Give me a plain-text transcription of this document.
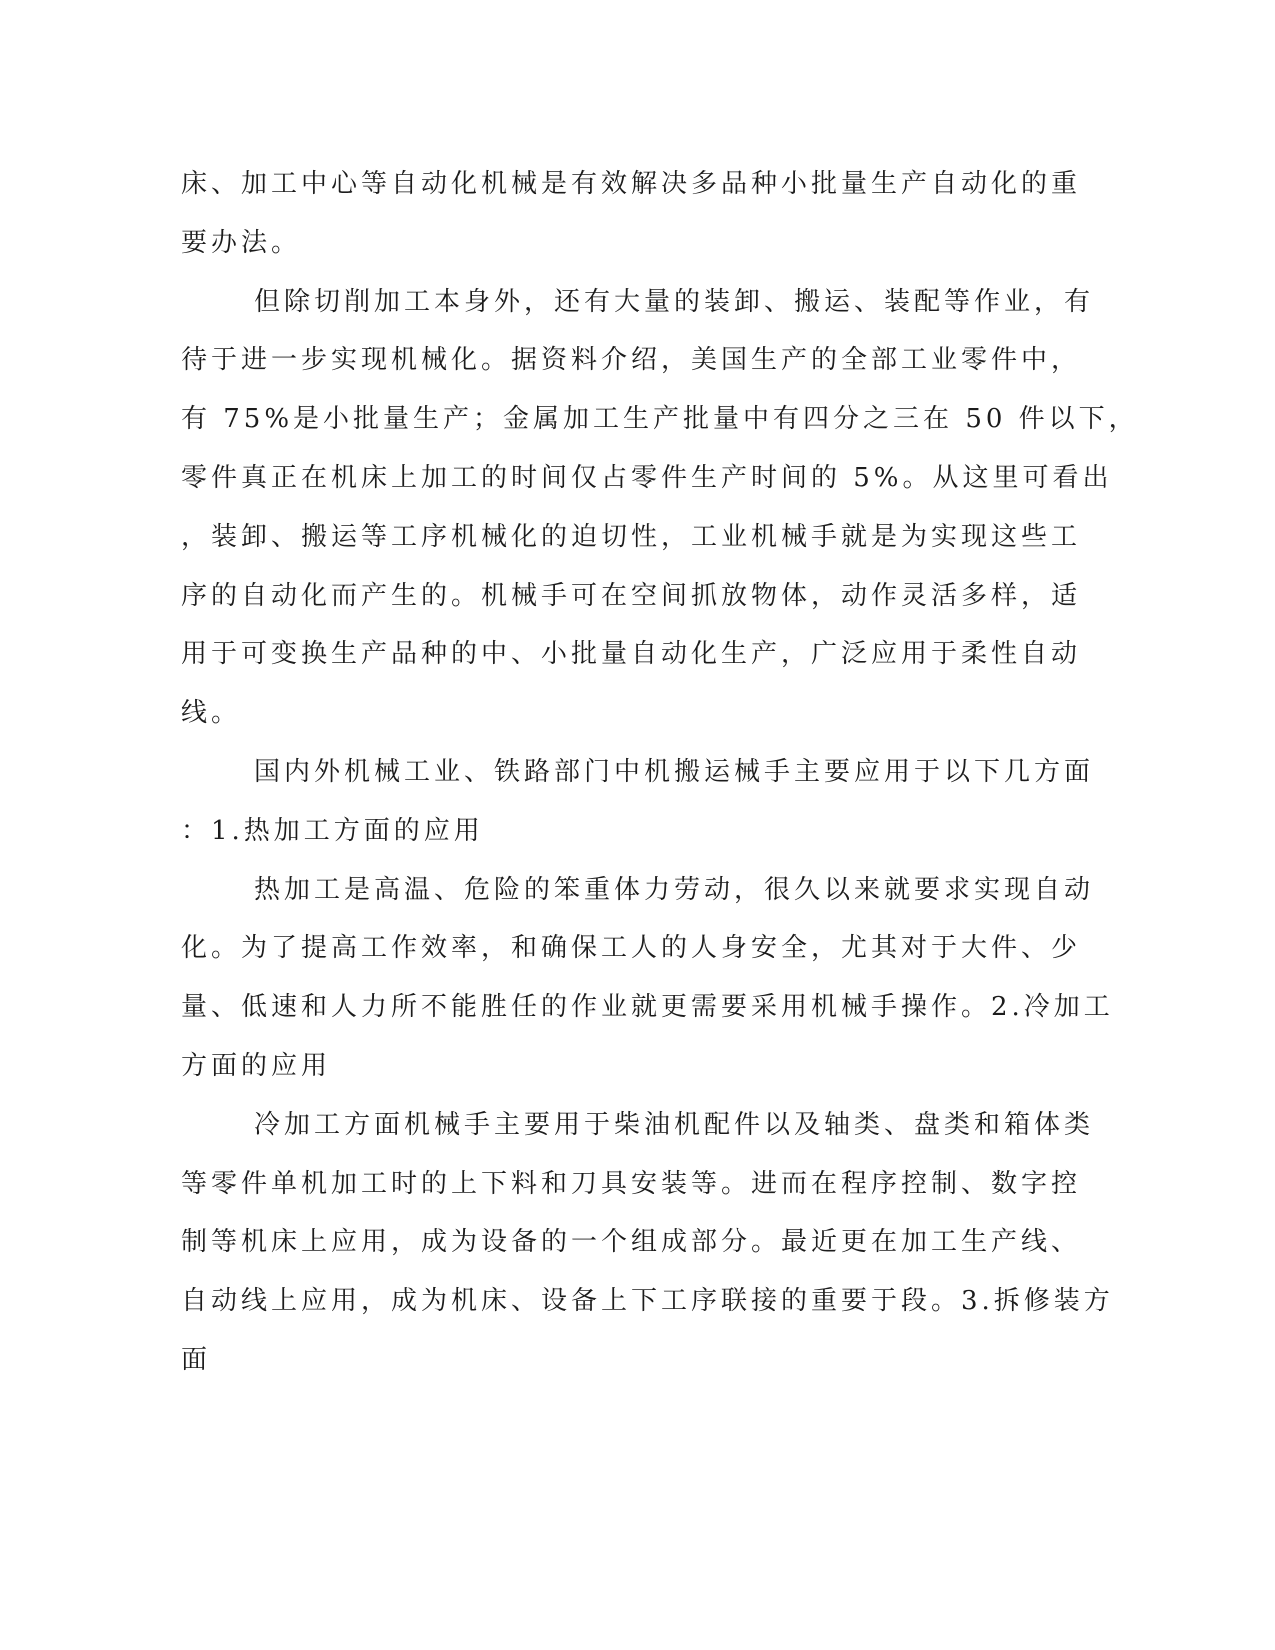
床、加工中心等自动化机械是有效解决多品种小批量生产自动化的重
要办法。
但除切削加工本身外，还有大量的装卸、搬运、装配等作业，有
待于进一步实现机械化。据资料介绍，美国生产的全部工业零件中，
有 75%是小批量生产；金属加工生产批量中有四分之三在 50 件以下，
零件真正在机床上加工的时间仅占零件生产时间的 5%。从这里可看出
，装卸、搬运等工序机械化的迫切性，工业机械手就是为实现这些工
序的自动化而产生的。机械手可在空间抓放物体，动作灵活多样，适
用于可变换生产品种的中、小批量自动化生产，广泛应用于柔性自动
线。
国内外机械工业、铁路部门中机搬运械手主要应用于以下几方面
：1.热加工方面的应用
热加工是高温、危险的笨重体力劳动，很久以来就要求实现自动
化。为了提高工作效率，和确保工人的人身安全，尤其对于大件、少
量、低速和人力所不能胜任的作业就更需要采用机械手操作。2.冷加工
方面的应用
冷加工方面机械手主要用于柴油机配件以及轴类、盘类和箱体类
等零件单机加工时的上下料和刀具安装等。进而在程序控制、数字控
制等机床上应用，成为设备的一个组成部分。最近更在加工生产线、
自动线上应用，成为机床、设备上下工序联接的重要于段。3.拆修装方
面
